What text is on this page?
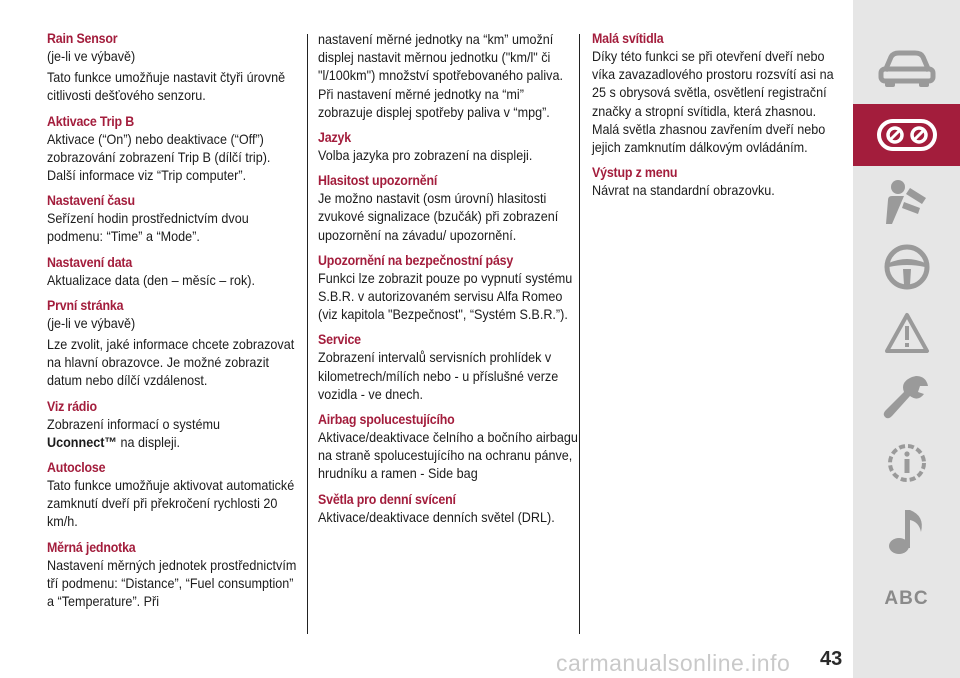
Rain Sensor
(je-li ve výbavě)
Tato funkce umožňuje nastavit čtyři úrovně citlivosti dešťového senzoru.
Aktivace Trip B
Aktivace (“On”) nebo deaktivace (“Off”) zobrazování zobrazení Trip B (dílčí trip). Další informace viz “Trip computer”.
Nastavení času
Seřízení hodin prostřednictvím dvou podmenu: “Time” a “Mode”.
Nastavení data
Aktualizace data (den – měsíc – rok).
První stránka
(je-li ve výbavě)
Lze zvolit, jaké informace chcete zobrazovat na hlavní obrazovce. Je možné zobrazit datum nebo dílčí vzdálenost.
Viz rádio
Zobrazení informací o systému
Uconnect™ na displeji.
Autoclose
Tato funkce umožňuje aktivovat automatické zamknutí dveří při překročení rychlosti 20 km/h.
Měrná jednotka
Nastavení měrných jednotek prostřednictvím tří podmenu: “Distance”, “Fuel consumption” a “Temperature”. Při
nastavení měrné jednotky na “km” umožní displej nastavit měrnou jednotku ("km/l" či "l/100km") množství spotřebovaného paliva. Při nastavení měrné jednotky na “mi” zobrazuje displej spotřeby paliva v “mpg”.
Jazyk
Volba jazyka pro zobrazení na displeji.
Hlasitost upozornění
Je možno nastavit (osm úrovní) hlasitosti zvukové signalizace (bzučák) při zobrazení upozornění na závadu/ upozornění.
Upozornění na bezpečnostní pásy
Funkci lze zobrazit pouze po vypnutí systému S.B.R. v autorizovaném servisu Alfa Romeo (viz kapitola "Bezpečnost", “Systém S.B.R.”).
Service
Zobrazení intervalů servisních prohlídek v kilometrech/mílích nebo - u příslušné verze vozidla - ve dnech.
Airbag spolucestujícího
Aktivace/deaktivace čelního a bočního airbagu na straně spolucestujícího na ochranu pánve, hrudníku a ramen - Side bag
Světla pro denní svícení
Aktivace/deaktivace denních světel (DRL).
Malá svítidla
Díky této funkci se při otevření dveří nebo víka zavazadlového prostoru rozsvítí asi na 25 s obrysová světla, osvětlení registrační značky a stropní svítidla, která zhasnou. Malá světla zhasnou zavřením dveří nebo jejich zamknutím dálkovým ovládáním.
Výstup z menu
Návrat na standardní obrazovku.
ABC
43
carmanualsonline.info
